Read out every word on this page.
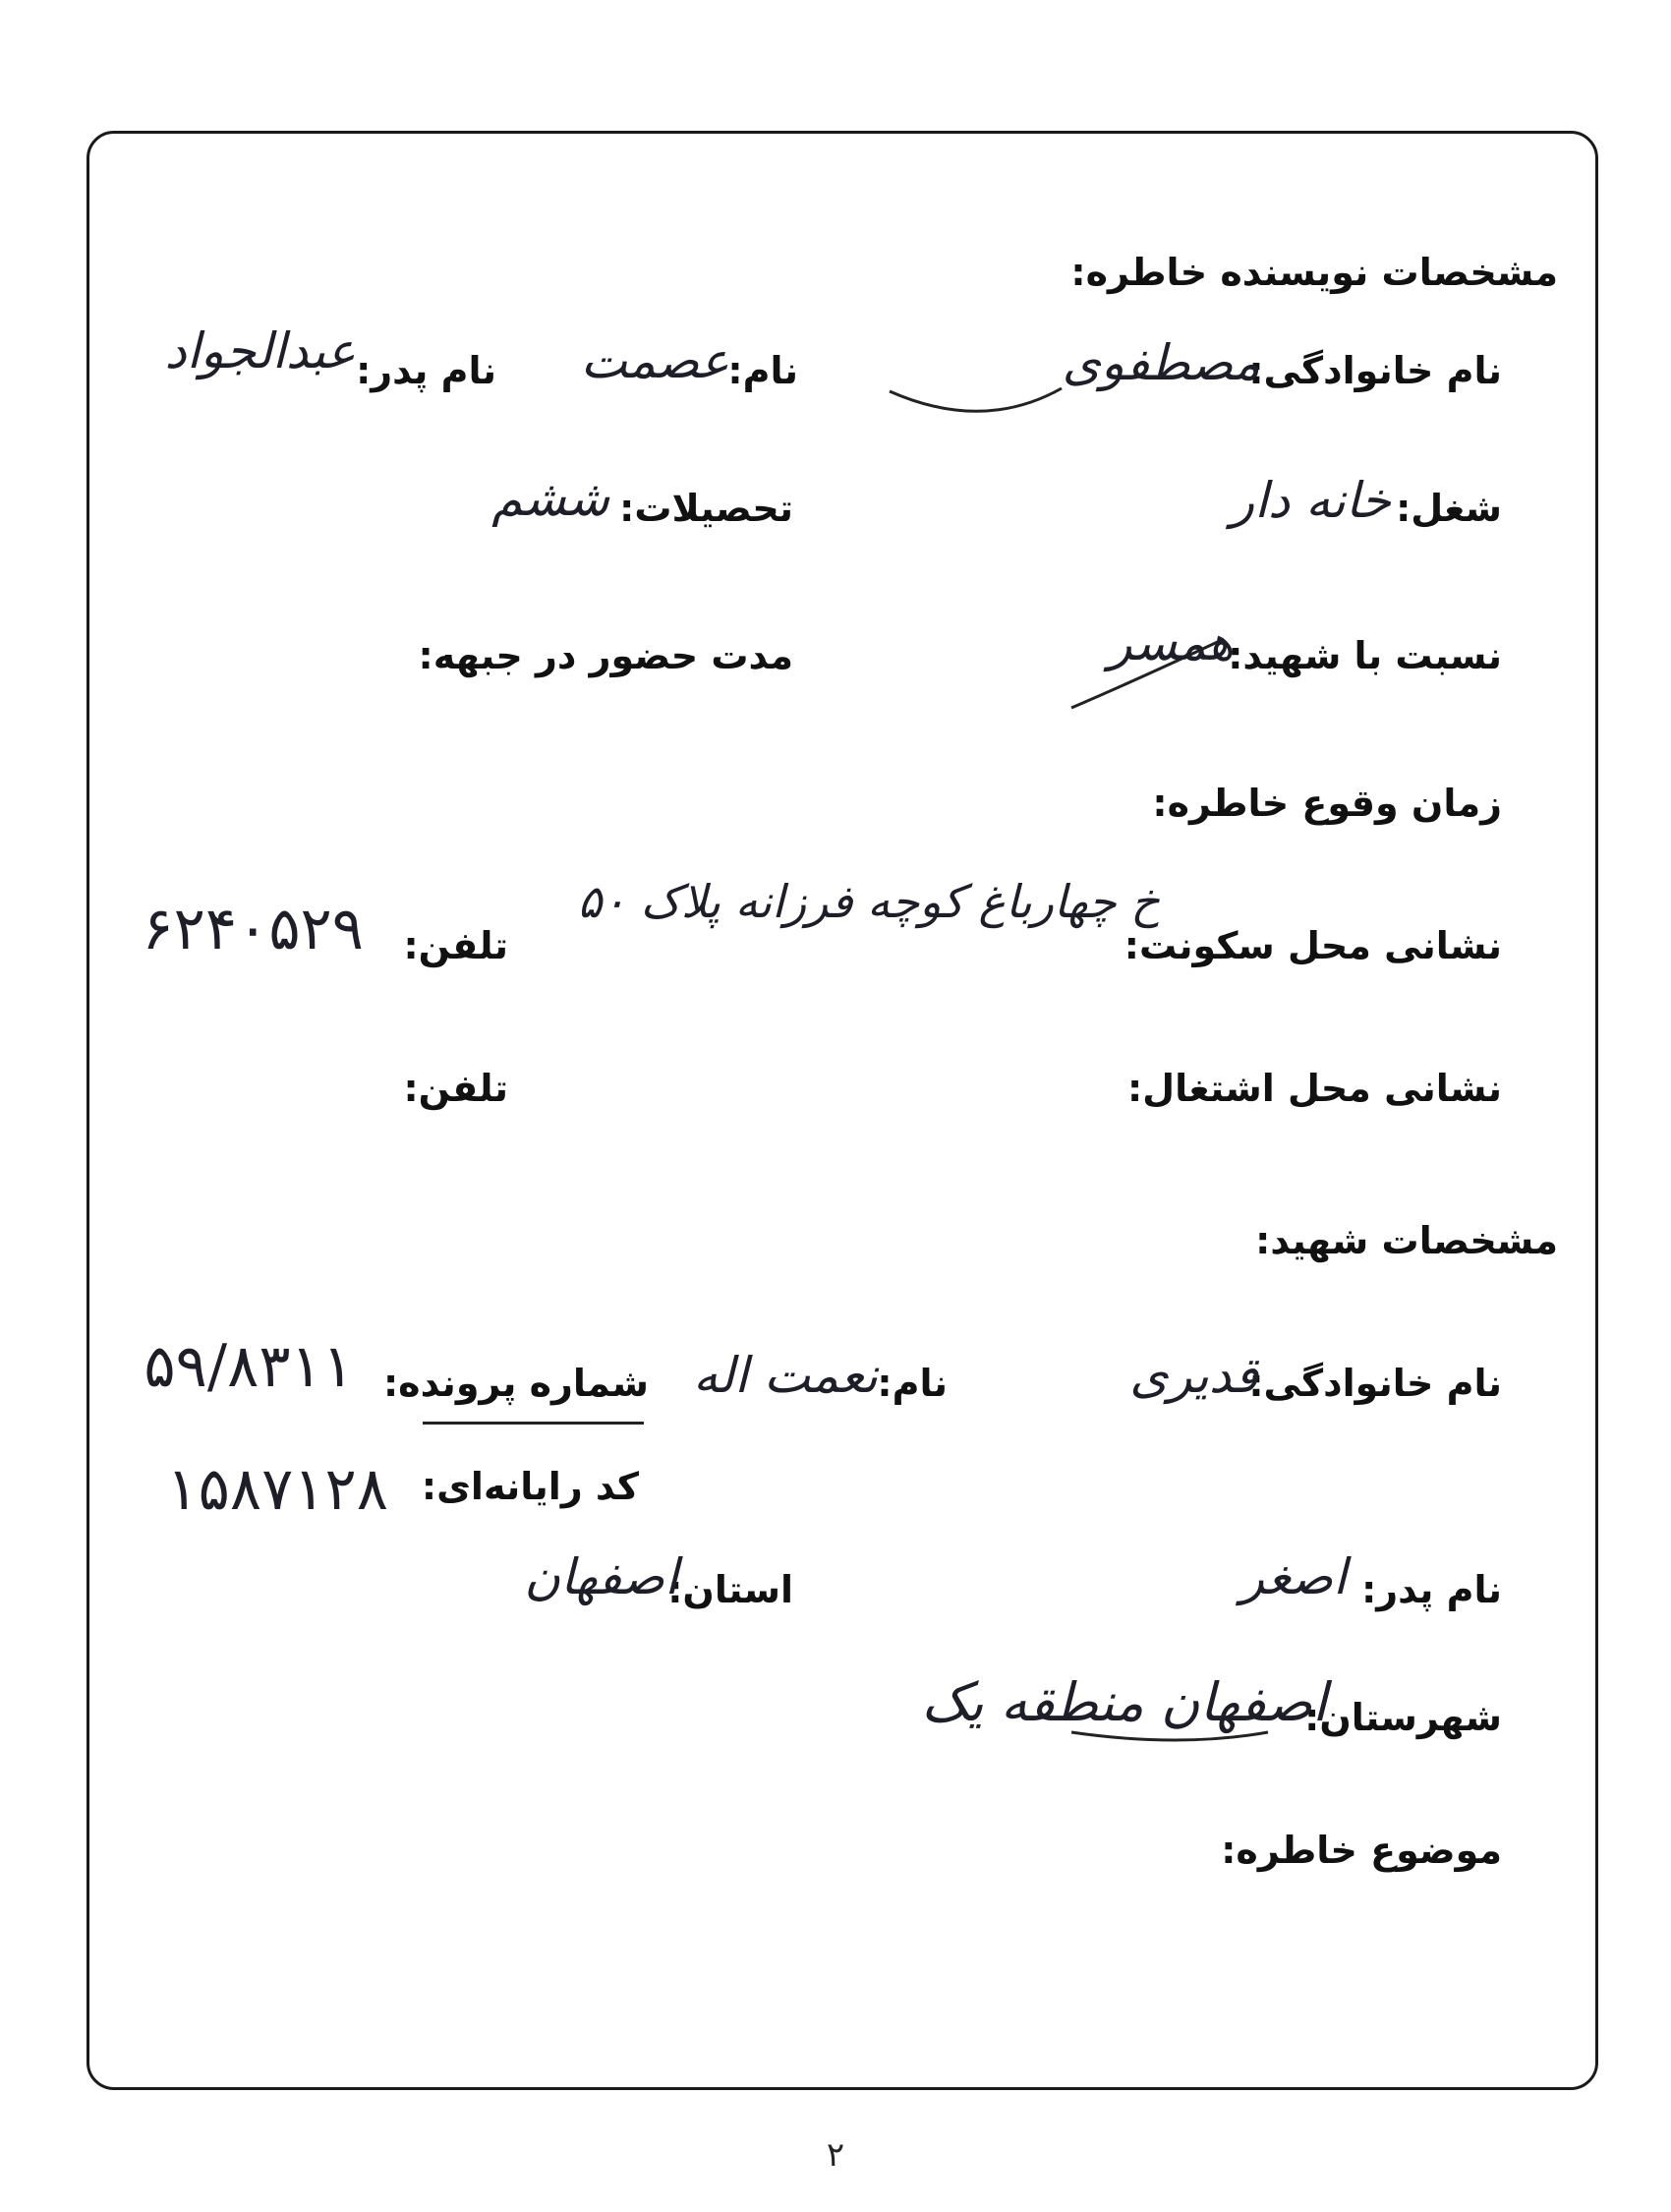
مشخصات نویسنده خاطره:
نام خانوادگی:
مصطفوی
نام:
عصمت
نام پدر:
عبدالجواد
شغل:
خانه دار
تحصیلات:
ششم
نسبت با شهید:
همسر
مدت حضور در جبهه:
زمان وقوع خاطره:
نشانی محل سکونت:
خ چهارباغ کوچه فرزانه پلاک ۵۰
تلفن:
۶۲۴۰۵۲۹
نشانی محل اشتغال:
تلفن:
مشخصات شهید:
نام خانوادگی:
قدیری
نام:
نعمت اله
شماره پرونده:
۵۹/۸۳۱۱
کد رایانه‌ای:
۱۵۸۷۱۲۸
نام پدر:
اصغر
استان:
اصفهان
شهرستان:
اصفهان منطقه یک
موضوع خاطره:
۲
